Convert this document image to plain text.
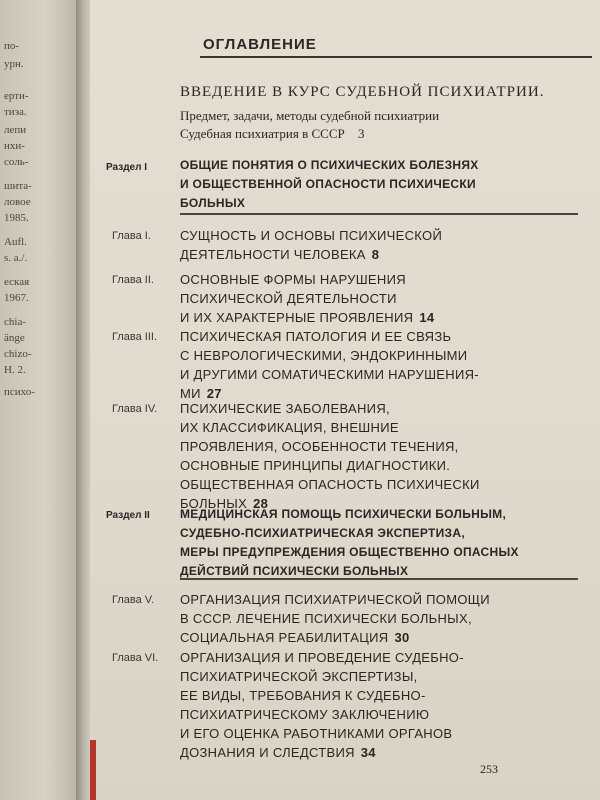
по-
урн.
ерти-
тиза.
лепи
нхи-
соль-
шита-
ловое
1985.
Aufl.
s. a./.
еская
1967.
chia-
änge
chizo-
H. 2.
психо-
ОГЛАВЛЕНИЕ
ВВЕДЕНИЕ В КУРС СУДЕБНОЙ ПСИХИАТРИИ.
Предмет, задачи, методы судебной психиатрии
Судебная психиатрия в СССР 3
Раздел I	ОБЩИЕ ПОНЯТИЯ О ПСИХИЧЕСКИХ БОЛЕЗНЯХ
И ОБЩЕСТВЕННОЙ ОПАСНОСТИ ПСИХИЧЕСКИ
БОЛЬНЫХ
Глава I. СУЩНОСТЬ И ОСНОВЫ ПСИХИЧЕСКОЙ
ДЕЯТЕЛЬНОСТИ ЧЕЛОВЕКА 8
Глава II. ОСНОВНЫЕ ФОРМЫ НАРУШЕНИЯ
ПСИХИЧЕСКОЙ ДЕЯТЕЛЬНОСТИ
И ИХ ХАРАКТЕРНЫЕ ПРОЯВЛЕНИЯ 14
Глава III. ПСИХИЧЕСКАЯ ПАТОЛОГИЯ И ЕЕ СВЯЗЬ
С НЕВРОЛОГИЧЕСКИМИ, ЭНДОКРИННЫМИ
И ДРУГИМИ СОМАТИЧЕСКИМИ НАРУШЕНИЯ-
МИ 27
Глава IV. ПСИХИЧЕСКИЕ ЗАБОЛЕВАНИЯ,
ИХ КЛАССИФИКАЦИЯ, ВНЕШНИЕ
ПРОЯВЛЕНИЯ, ОСОБЕННОСТИ ТЕЧЕНИЯ,
ОСНОВНЫЕ ПРИНЦИПЫ ДИАГНОСТИКИ.
ОБЩЕСТВЕННАЯ ОПАСНОСТЬ ПСИХИЧЕСКИ
БОЛЬНЫХ 28
Раздел II	МЕДИЦИНСКАЯ ПОМОЩЬ ПСИХИЧЕСКИ БОЛЬНЫМ,
СУДЕБНО-ПСИХИАТРИЧЕСКАЯ ЭКСПЕРТИЗА,
МЕРЫ ПРЕДУПРЕЖДЕНИЯ ОБЩЕСТВЕННО ОПАСНЫХ
ДЕЙСТВИЙ ПСИХИЧЕСКИ БОЛЬНЫХ
Глава V. ОРГАНИЗАЦИЯ ПСИХИАТРИЧЕСКОЙ ПОМОЩИ
В СССР. ЛЕЧЕНИЕ ПСИХИЧЕСКИ БОЛЬНЫХ,
СОЦИАЛЬНАЯ РЕАБИЛИТАЦИЯ 30
Глава VI. ОРГАНИЗАЦИЯ И ПРОВЕДЕНИЕ СУДЕБНО-
ПСИХИАТРИЧЕСКОЙ ЭКСПЕРТИЗЫ,
ЕЕ ВИДЫ, ТРЕБОВАНИЯ К СУДЕБНО-
ПСИХИАТРИЧЕСКОМУ ЗАКЛЮЧЕНИЮ
И ЕГО ОЦЕНКА РАБОТНИКАМИ ОРГАНОВ
ДОЗНАНИЯ И СЛЕДСТВИЯ 34
253
